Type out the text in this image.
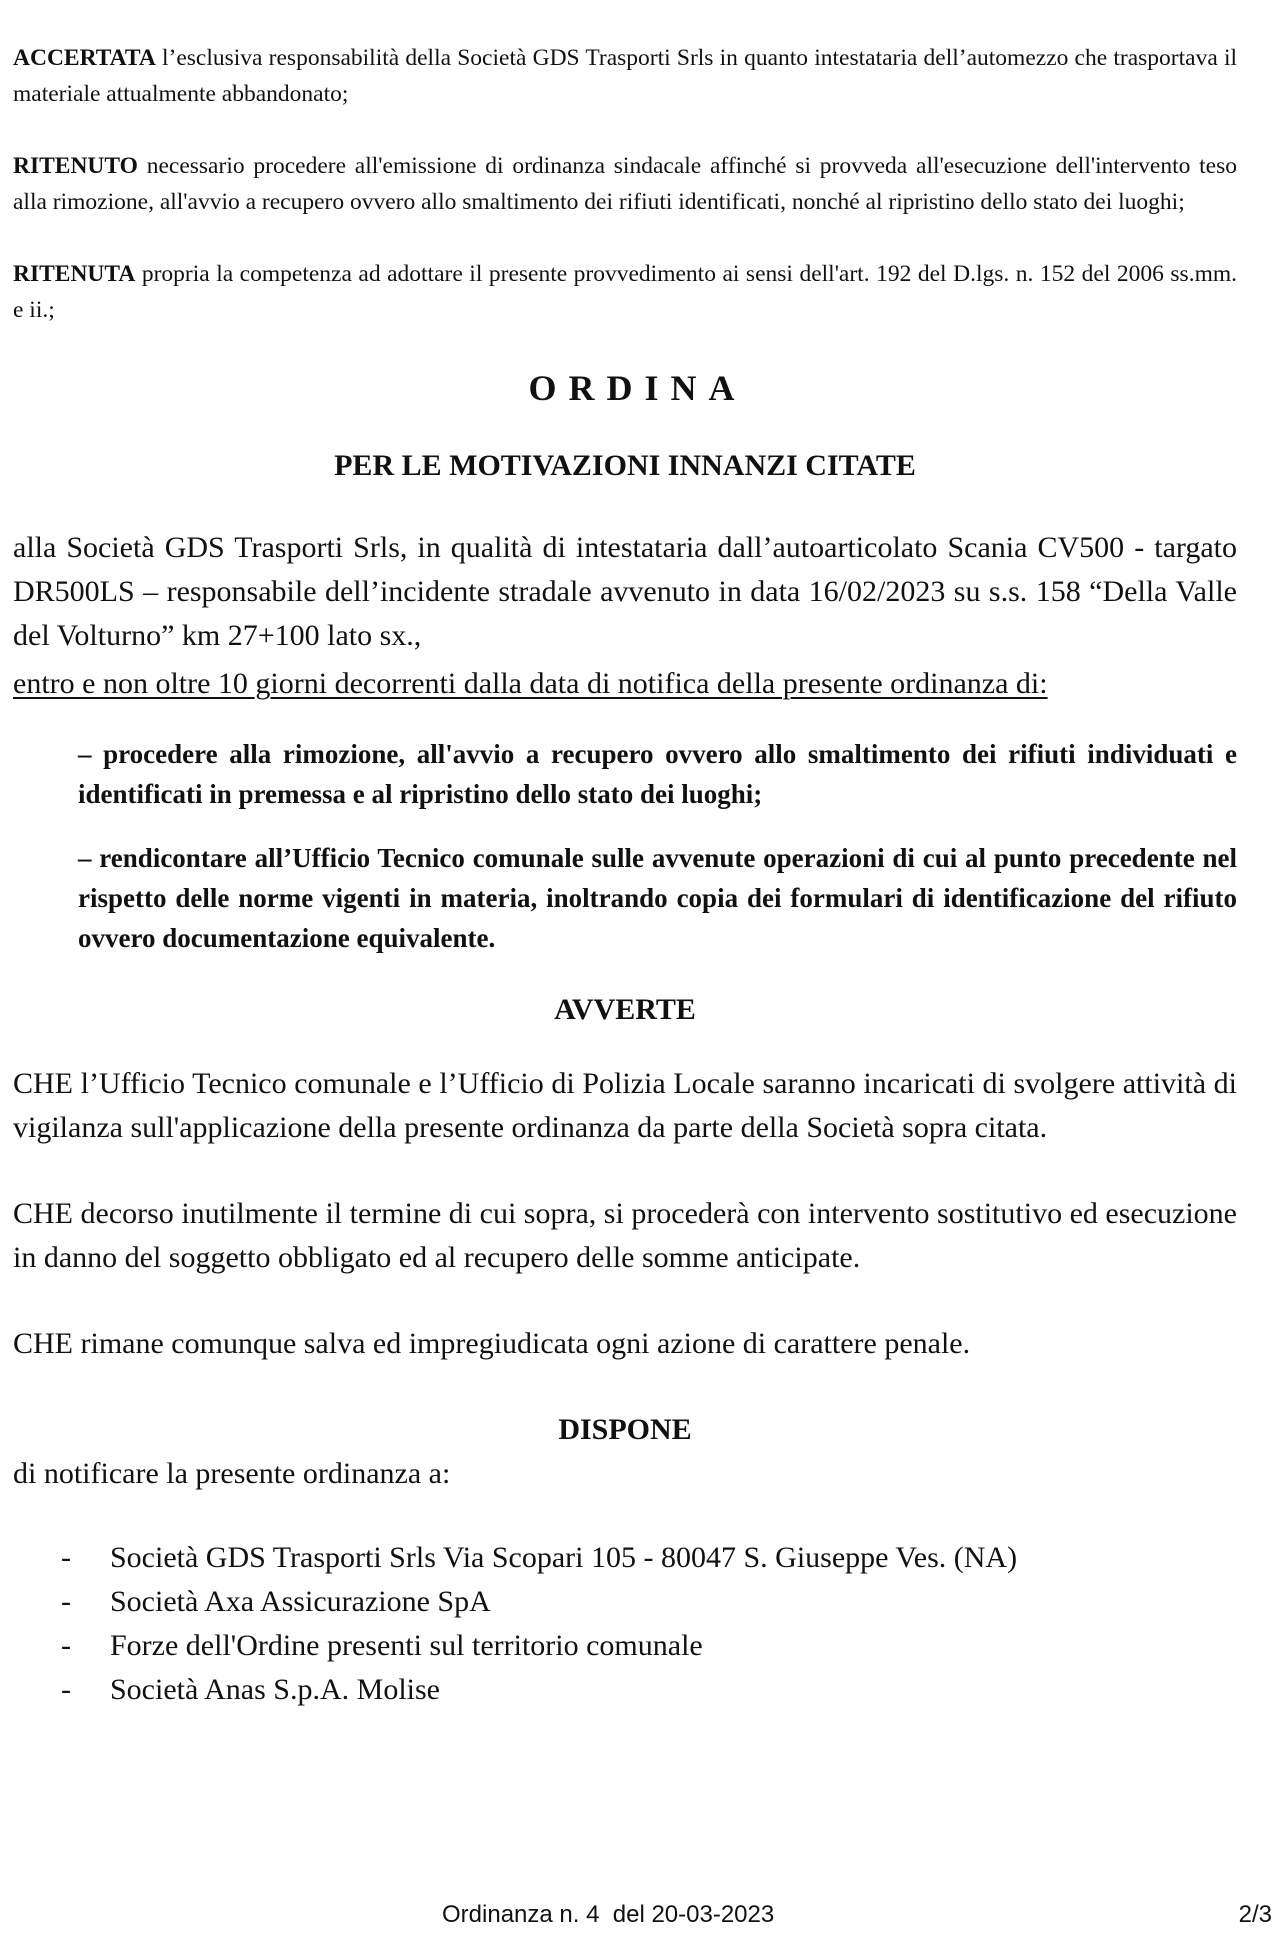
ACCERTATA l’esclusiva responsabilità della Società GDS Trasporti Srls in quanto intestataria dell’automezzo che trasportava il materiale attualmente abbandonato;

RITENUTO necessario procedere all'emissione di ordinanza sindacale affinché si provveda all'esecuzione dell'intervento teso alla rimozione, all'avvio a recupero ovvero allo smaltimento dei rifiuti identificati, nonché al ripristino dello stato dei luoghi;

RITENUTA propria la competenza ad adottare il presente provvedimento ai sensi dell'art. 192 del D.lgs. n. 152 del 2006 ss.mm. e ii.;

ORDINA

PER LE MOTIVAZIONI INNANZI CITATE

alla Società GDS Trasporti Srls, in qualità di intestataria dall’autoarticolato Scania CV500 - targato DR500LS – responsabile dell’incidente stradale avvenuto in data 16/02/2023 su s.s. 158 “Della Valle del Volturno” km 27+100 lato sx.,

entro e non oltre 10 giorni decorrenti dalla data di notifica della presente ordinanza di:

– procedere alla rimozione, all'avvio a recupero ovvero allo smaltimento dei rifiuti individuati e identificati in premessa e al ripristino dello stato dei luoghi;

– rendicontare all’Ufficio Tecnico comunale sulle avvenute operazioni di cui al punto precedente nel rispetto delle norme vigenti in materia, inoltrando copia dei formulari di identificazione del rifiuto ovvero documentazione equivalente.

AVVERTE

CHE l’Ufficio Tecnico comunale e l’Ufficio di Polizia Locale saranno incaricati di svolgere attività di vigilanza sull'applicazione della presente ordinanza da parte della Società sopra citata.

CHE decorso inutilmente il termine di cui sopra, si procederà con intervento sostitutivo ed esecuzione in danno del soggetto obbligato ed al recupero delle somme anticipate.

CHE rimane comunque salva ed impregiudicata ogni azione di carattere penale.

DISPONE

di notificare la presente ordinanza a:

- Società GDS Trasporti Srls Via Scopari 105 - 80047 S. Giuseppe Ves. (NA)
- Società Axa Assicurazione SpA
- Forze dell'Ordine presenti sul territorio comunale
- Società Anas S.p.A. Molise
Ordinanza n. 4  del 20-03-2023	2/3
